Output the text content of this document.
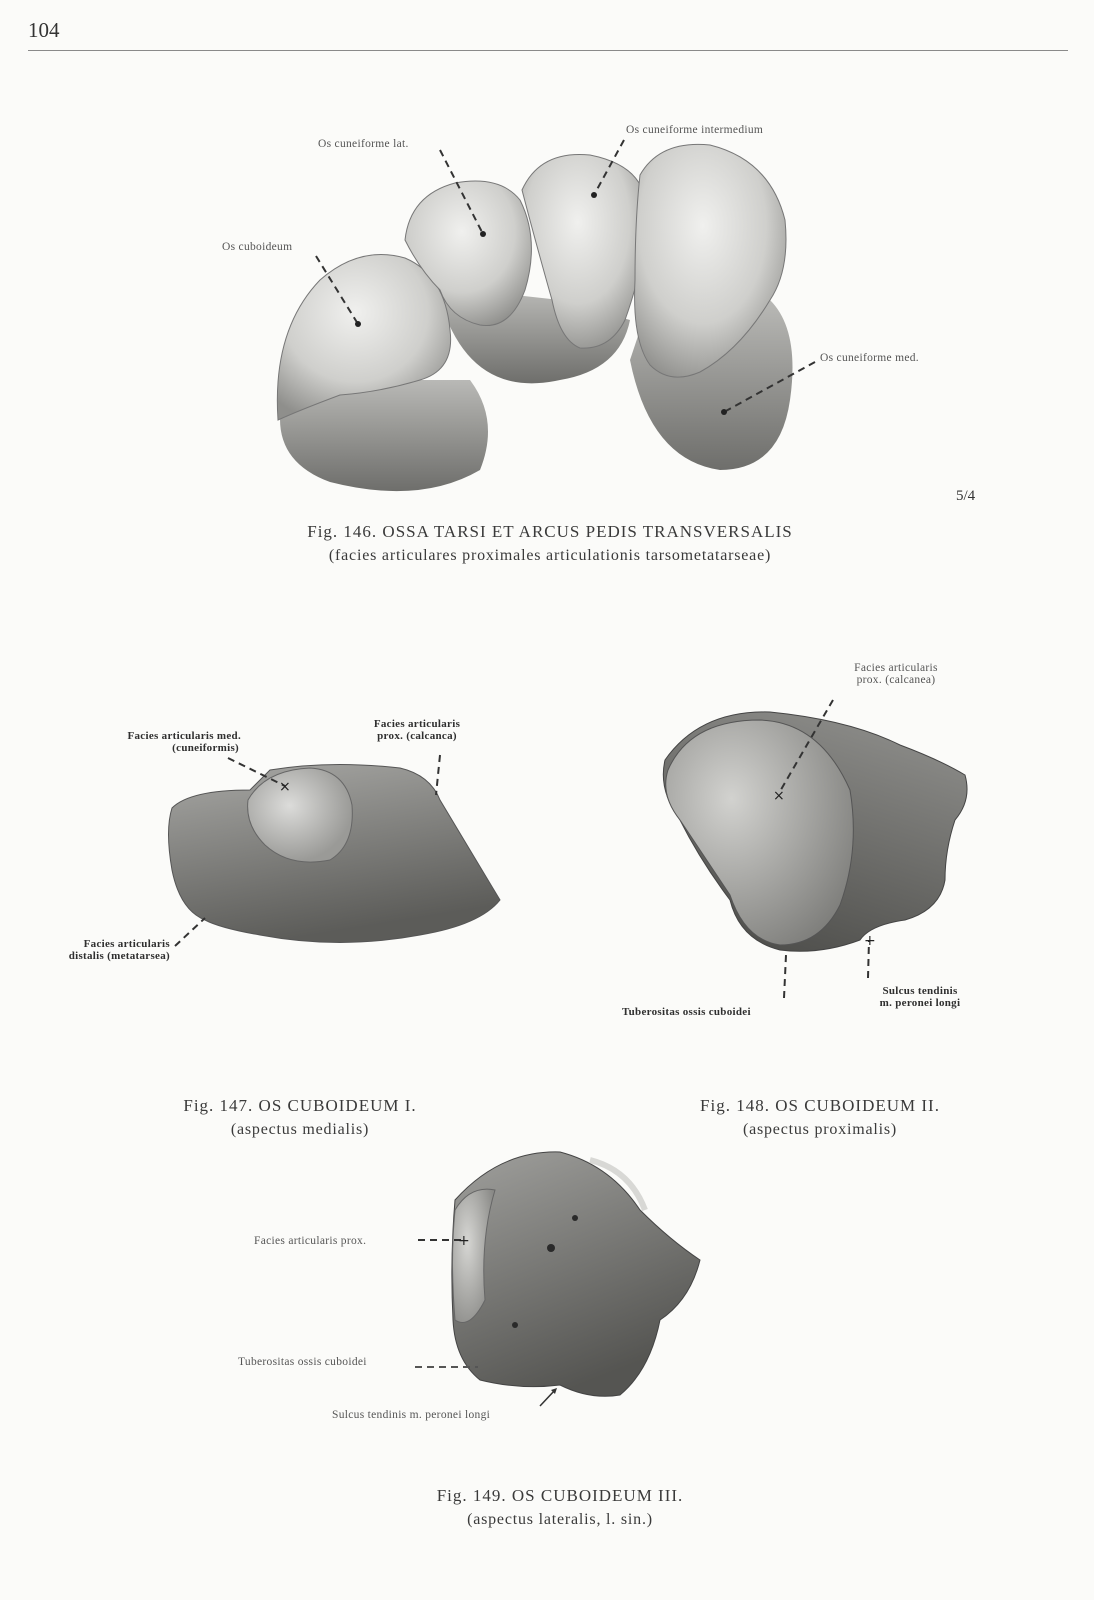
104
Os cuneiforme lat.
Os cuneiforme intermedium
Os cuboideum
Os cuneiforme med.
5/4
Fig. 146. OSSA TARSI ET ARCUS PEDIS TRANSVERSALIS
(facies articulares proximales articulationis tarsometatarseae)
×
Facies articularis med.
(cuneiformis)
Facies articularis
prox. (calcanca)
Facies articularis
distalis (metatarsea)
×
+
Facies articularis
prox. (calcanea)
Tuberositas ossis cuboidei
Sulcus tendinis
m. peronei longi
Fig. 147. OS CUBOIDEUM I.
(aspectus medialis)
Fig. 148. OS CUBOIDEUM II.
(aspectus proximalis)
+
Facies articularis prox.
Tuberositas ossis cuboidei
Sulcus tendinis m. peronei longi
Fig. 149. OS CUBOIDEUM III.
(aspectus lateralis, l. sin.)
